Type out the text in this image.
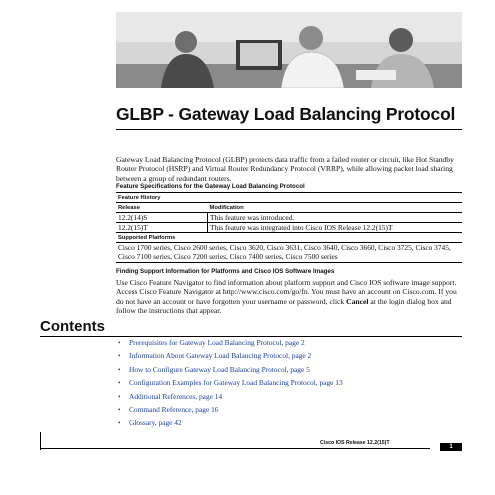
GLBP - Gateway Load Balancing Protocol
Gateway Load Balancing Protocol (GLBP) protects data traffic from a failed router or circuit, like Hot Standby Router Protocol (HSRP) and Virtual Router Redundancy Protocol (VRRP), while allowing packet load sharing between a group of redundant routers.
Feature Specifications for the Gateway Load Balancing Protocol
Feature History	
Release	Modification
12.2(14)S	This feature was introduced.
12.2(15)T	This feature was integrated into Cisco IOS Release 12.2(15)T
Supported Platforms	
Cisco 1700 series, Cisco 2600 series, Cisco 3620, Cisco 3631, Cisco 3640, Cisco 3660, Cisco 3725, Cisco 3745, Cisco 7100 series, Cisco 7200 series, Cisco 7400 series, Cisco 7500 series	
Finding Support Information for Platforms and Cisco IOS Software Images
Use Cisco Feature Navigator to find information about platform support and Cisco IOS software image support. Access Cisco Feature Navigator at http://www.cisco.com/go/fn. You must have an account on Cisco.com. If you do not have an account or have forgotten your username or password, click Cancel at the login dialog box and follow the instructions that appear.
Contents
• Prerequisites for Gateway Load Balancing Protocol, page 2
• Information About Gateway Load Balancing Protocol, page 2
• How to Configure Gateway Load Balancing Protocol, page 5
• Configuration Examples for Gateway Load Balancing Protocol, page 13
• Additional References, page 14
• Command Reference, page 16
• Glossary, page 42
Cisco IOS Release 12.2(15)T
1
